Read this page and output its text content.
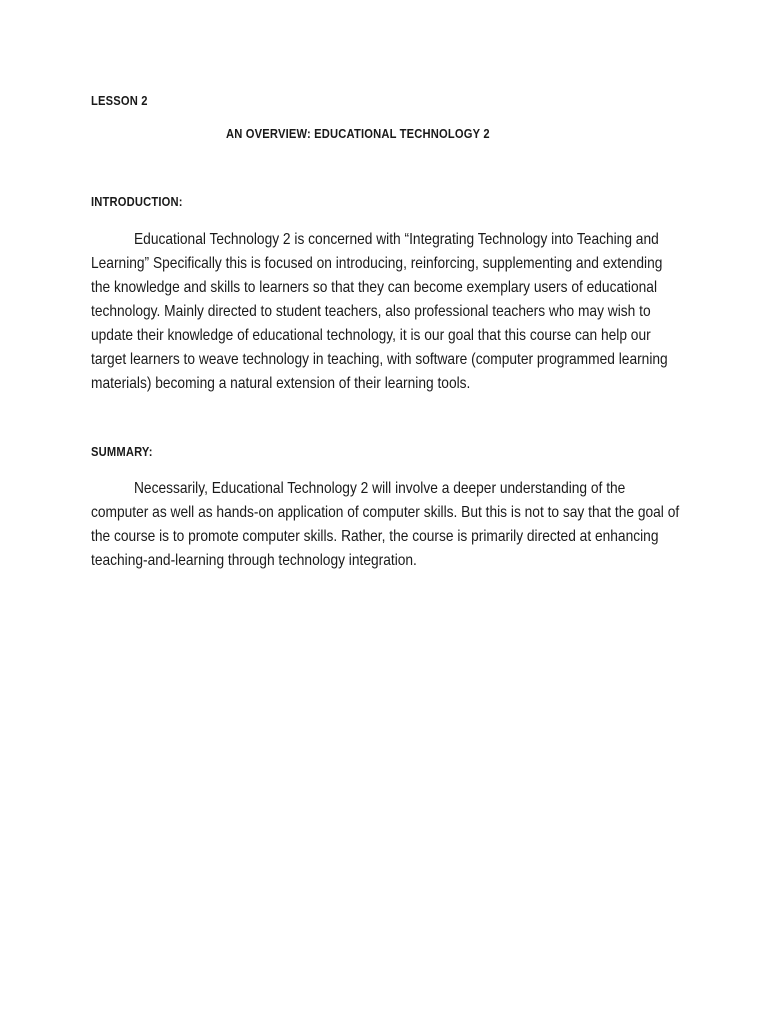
LESSON 2
AN OVERVIEW: EDUCATIONAL TECHNOLOGY 2
INTRODUCTION:

Educational Technology 2 is concerned with “Integrating Technology into Teaching and Learning” Specifically this is focused on introducing, reinforcing, supplementing and extending the knowledge and skills to learners so that they can become exemplary users of educational technology. Mainly directed to student teachers, also professional teachers who may wish to update their knowledge of educational technology, it is our goal that this course can help our target learners to weave technology in teaching, with software (computer programmed learning materials) becoming a natural extension of their learning tools.

SUMMARY:

Necessarily, Educational Technology 2 will involve a deeper understanding of the computer as well as hands-on application of computer skills. But this is not to say that the goal of the course is to promote computer skills. Rather, the course is primarily directed at enhancing teaching-and-learning through technology integration.
